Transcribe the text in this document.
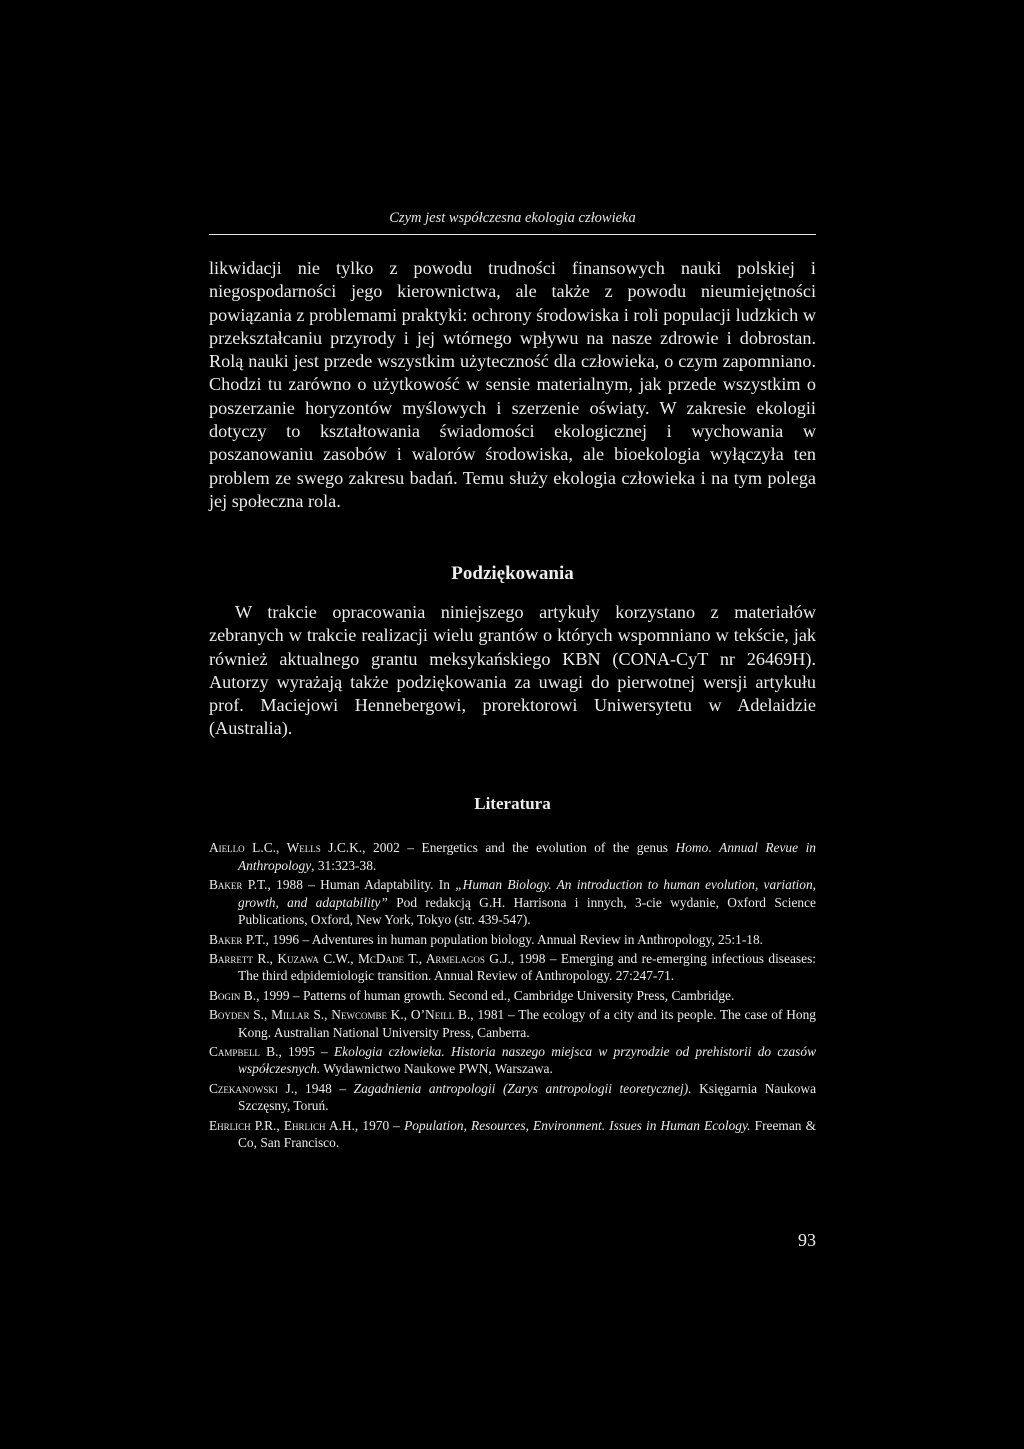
Czym jest współczesna ekologia człowieka

likwidacji nie tylko z powodu trudności finansowych nauki polskiej i niegospodarności jego kierownictwa, ale także z powodu nieumiejętności powiązania z problemami praktyki: ochrony środowiska i roli populacji ludzkich w przekształcaniu przyrody i jej wtórnego wpływu na nasze zdrowie i dobrostan. Rolą nauki jest przede wszystkim użyteczność dla człowieka, o czym zapomniano. Chodzi tu zarówno o użytkowość w sensie materialnym, jak przede wszystkim o poszerzanie horyzontów myślowych i szerzenie oświaty. W zakresie ekologii dotyczy to kształtowania świadomości ekologicznej i wychowania w poszanowaniu zasobów i walorów środowiska, ale bioekologia wyłączyła ten problem ze swego zakresu badań. Temu służy ekologia człowieka i na tym polega jej społeczna rola.

Podziękowania

W trakcie opracowania niniejszego artykuły korzystano z materiałów zebranych w trakcie realizacji wielu grantów o których wspomniano w tekście, jak również aktualnego grantu meksykańskiego KBN (CONA-CyT nr 26469H). Autorzy wyrażają także podziękowania za uwagi do pierwotnej wersji artykułu prof. Maciejowi Hennebergowi, prorektorowi Uniwersytetu w Adelaidzie (Australia).

Literatura
Aiello L.C., Wells J.C.K., 2002 – Energetics and the evolution of the genus Homo. Annual Revue in Anthropology, 31:323-38.
Baker P.T., 1988 – Human Adaptability. In „Human Biology. An introduction to human evolution, variation, growth, and adaptability” Pod redakcją G.H. Harrisona i innych, 3-cie wydanie, Oxford Science Publications, Oxford, New York, Tokyo (str. 439-547).
Baker P.T., 1996 – Adventures in human population biology. Annual Review in Anthropology, 25:1-18.
Barrett R., Kuzawa C.W., McDade T., Armelagos G.J., 1998 – Emerging and re-emerging infectious diseases: The third edpidemiologic transition. Annual Review of Anthropology. 27:247-71.
Bogin B., 1999 – Patterns of human growth. Second ed., Cambridge University Press, Cambridge.
Boyden S., Millar S., Newcombe K., O’Neill B., 1981 – The ecology of a city and its people. The case of Hong Kong. Australian National University Press, Canberra.
Campbell B., 1995 – Ekologia człowieka. Historia naszego miejsca w przyrodzie od prehistorii do czasów współczesnych. Wydawnictwo Naukowe PWN, Warszawa.
Czekanowski J., 1948 – Zagadnienia antropologii (Zarys antropologii teoretycznej). Księgarnia Naukowa Szczęsny, Toruń.
Ehrlich P.R., Ehrlich A.H., 1970 – Population, Resources, Environment. Issues in Human Ecology. Freeman & Co, San Francisco.
93
